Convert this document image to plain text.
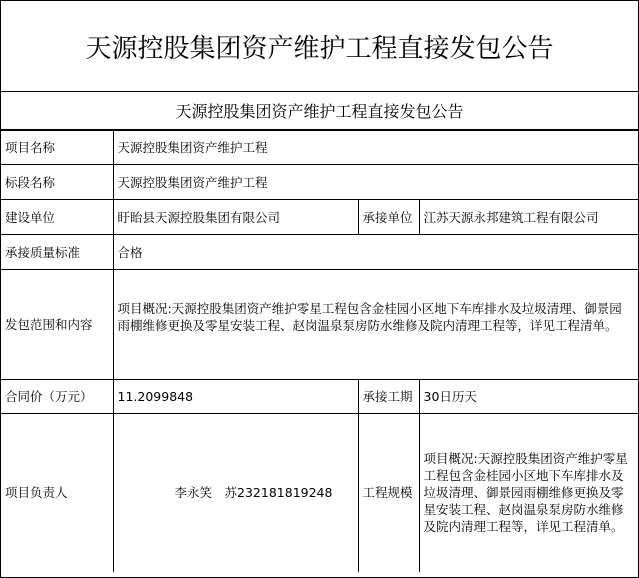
天源控股集团资产维护工程直接发包公告
天源控股集团资产维护工程直接发包公告
项目名称	天源控股集团资产维护工程		
标段名称	天源控股集团资产维护工程		
建设单位	盱眙县天源控股集团有限公司	承接单位	江苏天源永邦建筑工程有限公司
承接质量标准	合格		
发包范围和内容	项目概况:天源控股集团资产维护零星工程包含金桂园小区地下车库排水及垃圾清理、御景园雨棚维修更换及零星安装工程、赵岗温泉泵房防水维修及院内清理工程等，详见工程清单。		
合同价（万元）	11.2099848	承接工期	30日历天
项目负责人	李永笑　苏232181819248	工程规模	项目概况:天源控股集团资产维护零星工程包含金桂园小区地下车库排水及垃圾清理、御景园雨棚维修更换及零星安装工程、赵岗温泉泵房防水维修及院内清理工程等，详见工程清单。
